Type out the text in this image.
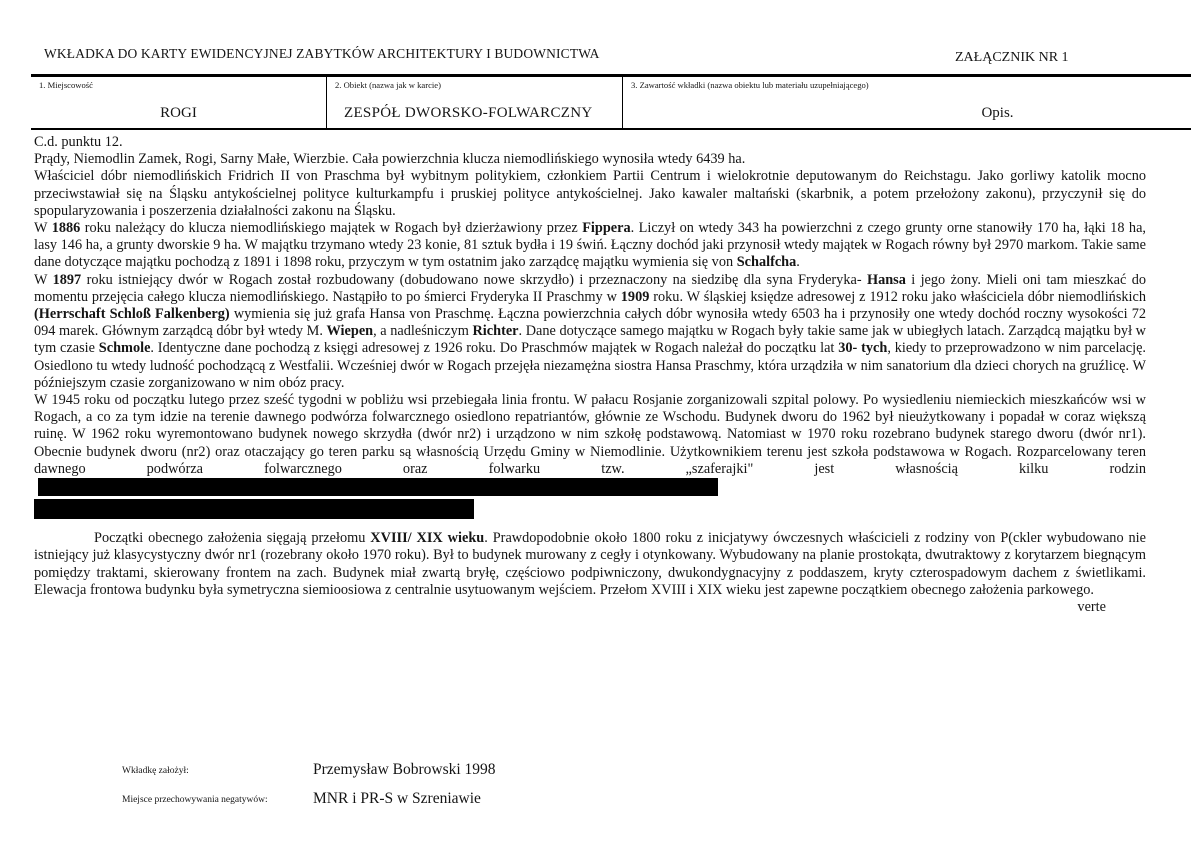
WKŁADKA DO KARTY EWIDENCYJNEJ ZABYTKÓW ARCHITEKTURY I BUDOWNICTWA	ZAŁĄCZNIK NR 1
1. Miejscowość
ROGI
2. Obiekt (nazwa jak w karcie)
ZESPÓŁ DWORSKO-FOLWARCZNY
3. Zawartość wkładki (nazwa obiektu lub materiału uzupełniającego)
Opis.

C.d. punktu 12.

Prądy, Niemodlin Zamek, Rogi, Sarny Małe, Wierzbie. Cała powierzchnia klucza niemodlińskiego wynosiła wtedy 6439 ha.

Właściciel dóbr niemodlińskich Fridrich II von Praschma był wybitnym politykiem, członkiem Partii Centrum i wielokrotnie deputowanym do Reichstagu. Jako gorliwy katolik mocno przeciwstawiał się na Śląsku antykościelnej polityce kulturkampfu i pruskiej polityce antykościelnej. Jako kawaler maltański (skarbnik, a potem przełożony zakonu), przyczynił się do spopularyzowania i poszerzenia działalności zakonu na Śląsku.

W 1886 roku należący do klucza niemodlińskiego majątek w Rogach był dzierżawiony przez Fippera. Liczył on wtedy 343 ha powierzchni z czego grunty orne stanowiły 170 ha, łąki 18 ha, lasy 146 ha, a grunty dworskie 9 ha. W majątku trzymano wtedy 23 konie, 81 sztuk bydła i 19 świń. Łączny dochód jaki przynosił wtedy majątek w Rogach równy był 2970 markom. Takie same dane dotyczące majątku pochodzą z 1891 i 1898 roku, przyczym w tym ostatnim jako zarządcę majątku wymienia się von Schalfcha.

W 1897 roku istniejący dwór w Rogach został rozbudowany (dobudowano nowe skrzydło) i przeznaczony na siedzibę dla syna Fryderyka- Hansa i jego żony. Mieli oni tam mieszkać do momentu przejęcia całego klucza niemodlińskiego. Nastąpiło to po śmierci Fryderyka II Praschmy w 1909 roku. W śląskiej księdze adresowej z 1912 roku jako właściciela dóbr niemodlińskich (Herrschaft Schloß Falkenberg) wymienia się już grafa Hansa von Praschmę. Łączna powierzchnia całych dóbr wynosiła wtedy 6503 ha i przynosiły one wtedy dochód roczny wysokości 72 094 marek. Głównym zarządcą dóbr był wtedy M. Wiepen, a nadleśniczym Richter. Dane dotyczące samego majątku w Rogach były takie same jak w ubiegłych latach. Zarządcą majątku był w tym czasie Schmole. Identyczne dane pochodzą z księgi adresowej z 1926 roku. Do Praschmów majątek w Rogach należał do początku lat 30- tych, kiedy to przeprowadzono w nim parcelację. Osiedlono tu wtedy ludność pochodzącą z Westfalii. Wcześniej dwór w Rogach przejęła niezamężna siostra Hansa Praschmy, która urządziła w nim sanatorium dla dzieci chorych na gruźlicę. W późniejszym czasie zorganizowano w nim obóz pracy.

W 1945 roku od początku lutego przez sześć tygodni w pobliżu wsi przebiegała linia frontu. W pałacu Rosjanie zorganizowali szpital polowy. Po wysiedleniu niemieckich mieszkańców wsi w Rogach, a co za tym idzie na terenie dawnego podwórza folwarcznego osiedlono repatriantów, głównie ze Wschodu. Budynek dworu do 1962 był nieużytkowany i popadał w coraz większą ruinę. W 1962 roku wyremontowano budynek nowego skrzydła (dwór nr2) i urządzono w nim szkołę podstawową. Natomiast w 1970 roku rozebrano budynek starego dworu (dwór nr1). Obecnie budynek dworu (nr2) oraz otaczający go teren parku są własnością Urzędu Gminy w Niemodlinie. Użytkownikiem terenu jest szkoła podstawowa w Rogach. Rozparcelowany teren dawnego podwórza folwarcznego oraz folwarku tzw. „szaferajki" jest własnością kilku rodzin

Początki obecnego założenia sięgają przełomu XVIII/ XIX wieku. Prawdopodobnie około 1800 roku z inicjatywy ówczesnych właścicieli z rodziny von P(ckler wybudowano nie istniejący już klasycystyczny dwór nr1 (rozebrany około 1970 roku). Był to budynek murowany z cegły i otynkowany. Wybudowany na planie prostokąta, dwutraktowy z korytarzem biegnącym pomiędzy traktami, skierowany frontem na zach. Budynek miał zwartą bryłę, częściowo podpiwniczony, dwukondygnacyjny z poddaszem, kryty czterospadowym dachem z świetlikami. Elewacja frontowa budynku była symetryczna siemioosiowa z centralnie usytuowanym wejściem. Przełom XVIII i XIX wieku jest zapewne początkiem obecnego założenia parkowego.
verte

Wkładkę założył:	Przemysław Bobrowski 1998
Miejsce przechowywania negatywów:	MNR i PR-S w Szreniawie
